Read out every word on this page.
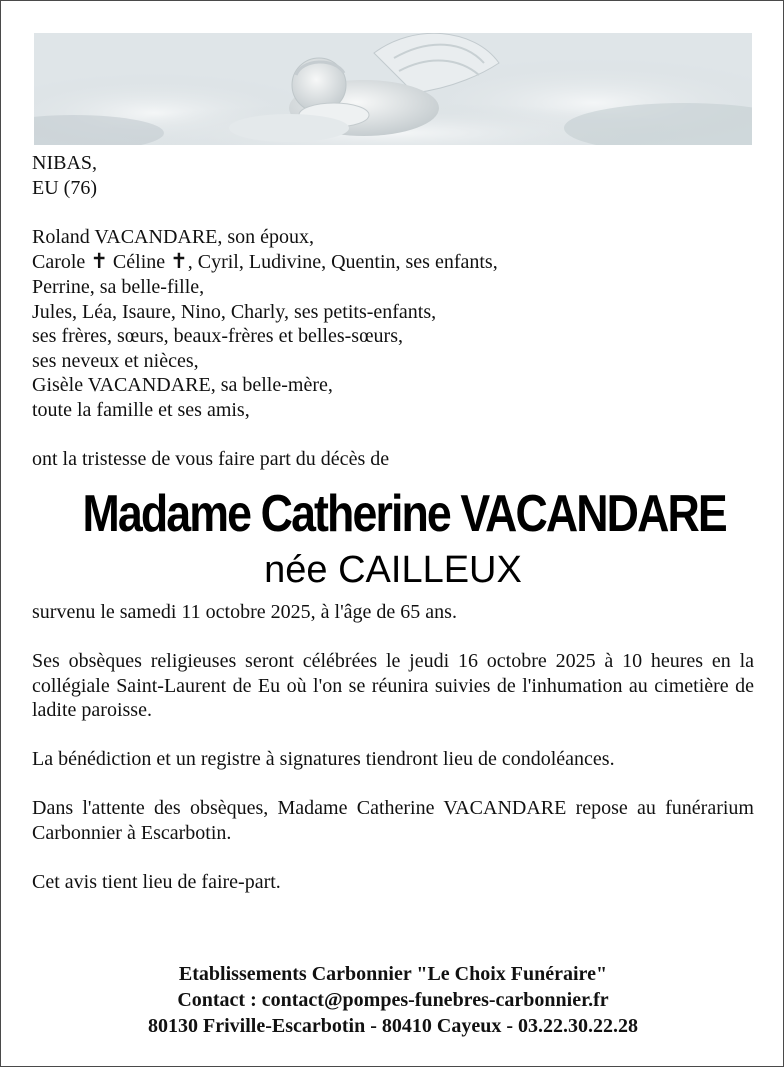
NIBAS,
EU (76)
Roland VACANDARE, son époux,
Carole ✝ Céline ✝, Cyril, Ludivine, Quentin, ses enfants,
Perrine, sa belle-fille,
Jules, Léa, Isaure, Nino, Charly, ses petits-enfants,
ses frères, sœurs, beaux-frères et belles-sœurs,
ses neveux et nièces,
Gisèle VACANDARE, sa belle-mère,
toute la famille et ses amis,
ont la tristesse de vous faire part du décès de
Madame Catherine VACANDARE
née CAILLEUX
survenu le samedi 11 octobre 2025, à l'âge de 65 ans.
Ses obsèques religieuses seront célébrées le jeudi 16 octobre 2025 à 10 heures en la collégiale Saint-Laurent de Eu où l'on se réunira suivies de l'inhumation au cimetière de ladite paroisse.
La bénédiction et un registre à signatures tiendront lieu de condoléances.
Dans l'attente des obsèques, Madame Catherine VACANDARE repose au funérarium Carbonnier à Escarbotin.
Cet avis tient lieu de faire-part.
Etablissements Carbonnier "Le Choix Funéraire"
Contact : contact@pompes-funebres-carbonnier.fr
80130 Friville-Escarbotin - 80410 Cayeux - 03.22.30.22.28
